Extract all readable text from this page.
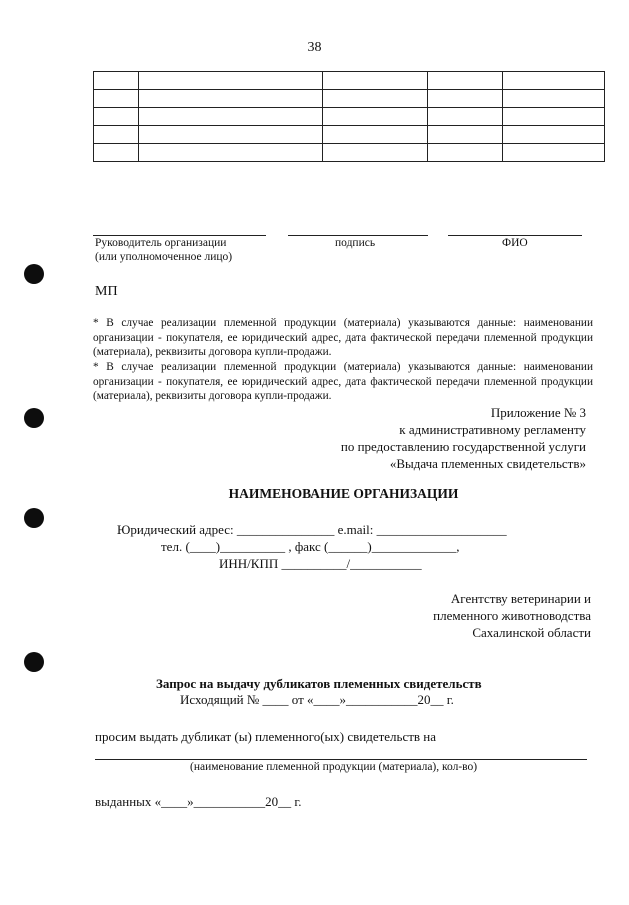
38

Руководитель организации
(или уполномоченное лицо)
подпись	ФИО
МП
* В случае реализации племенной продукции (материала) указываются данные: наименовании организации - покупателя, ее юридический адрес, дата фактической передачи племенной продукции (материала), реквизиты договора купли-продажи.
* В случае реализации племенной продукции (материала) указываются данные: наименовании организации - покупателя, ее юридический адрес, дата фактической передачи племенной продукции (материала), реквизиты договора купли-продажи.
Приложение № 3
к административному регламенту
по предоставлению государственной услуги
«Выдача племенных свидетельств»
НАИМЕНОВАНИЕ ОРГАНИЗАЦИИ
Юридический адрес: _______________ e.mail: ____________________
тел. (____)__________ , факс (______)_____________,
ИНН/КПП __________/___________
Агентству ветеринарии и
племенного животноводства
Сахалинской области
Запрос на выдачу дубликатов племенных свидетельств
Исходящий № ____ от «____»___________20__ г.
просим выдать дубликат (ы) племенного(ых) свидетельств на
(наименование племенной продукции (материала), кол-во)
выданных «____»___________20__ г.
